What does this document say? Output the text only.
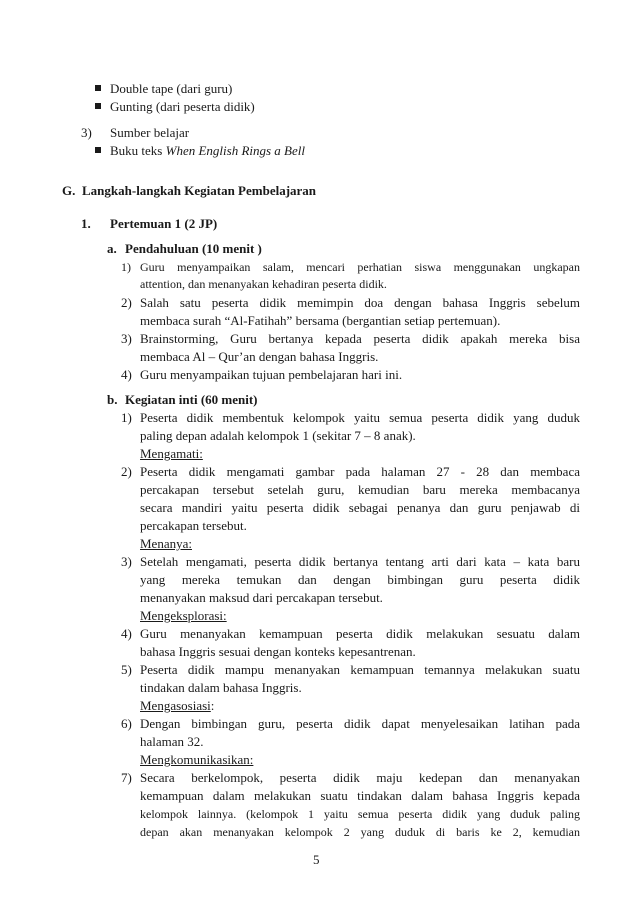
Double tape (dari guru)
Gunting (dari peserta didik)
3) Sumber belajar
Buku teks When English Rings a Bell
G. Langkah-langkah Kegiatan Pembelajaran
1. Pertemuan 1 (2 JP)
a. Pendahuluan (10 menit )
1) Guru menyampaikan salam, mencari perhatian siswa menggunakan ungkapan
attention, dan menanyakan kehadiran peserta didik.
2) Salah satu peserta didik memimpin doa dengan bahasa Inggris sebelum
membaca surah “Al-Fatihah” bersama (bergantian setiap pertemuan).
3) Brainstorming, Guru bertanya kepada peserta didik apakah mereka bisa
membaca Al – Qur’an dengan bahasa Inggris.
4) Guru menyampaikan tujuan pembelajaran hari ini.
b. Kegiatan inti (60 menit)
1) Peserta didik membentuk kelompok yaitu semua peserta didik yang duduk
paling depan adalah kelompok 1 (sekitar 7 – 8 anak).
Mengamati:
2) Peserta didik mengamati gambar pada halaman 27 - 28 dan membaca
percakapan tersebut setelah guru, kemudian baru mereka membacanya
secara mandiri yaitu peserta didik sebagai penanya dan guru penjawab di
percakapan tersebut.
Menanya:
3) Setelah mengamati, peserta didik bertanya tentang arti dari kata – kata baru
yang mereka temukan dan dengan bimbingan guru peserta didik
menanyakan maksud dari percakapan tersebut.
Mengeksplorasi:
4) Guru menanyakan kemampuan peserta didik melakukan sesuatu dalam
bahasa Inggris sesuai dengan konteks kepesantrenan.
5) Peserta didik mampu menanyakan kemampuan temannya melakukan suatu
tindakan dalam bahasa Inggris.
Mengasosiasi:
6) Dengan bimbingan guru, peserta didik dapat menyelesaikan latihan pada
halaman 32.
Mengkomunikasikan:
7) Secara berkelompok, peserta didik maju kedepan dan menanyakan
kemampuan dalam melakukan suatu tindakan dalam bahasa Inggris kepada
kelompok lainnya. (kelompok 1 yaitu semua peserta didik yang duduk paling
depan akan menanyakan kelompok 2 yang duduk di baris ke 2, kemudian
5
